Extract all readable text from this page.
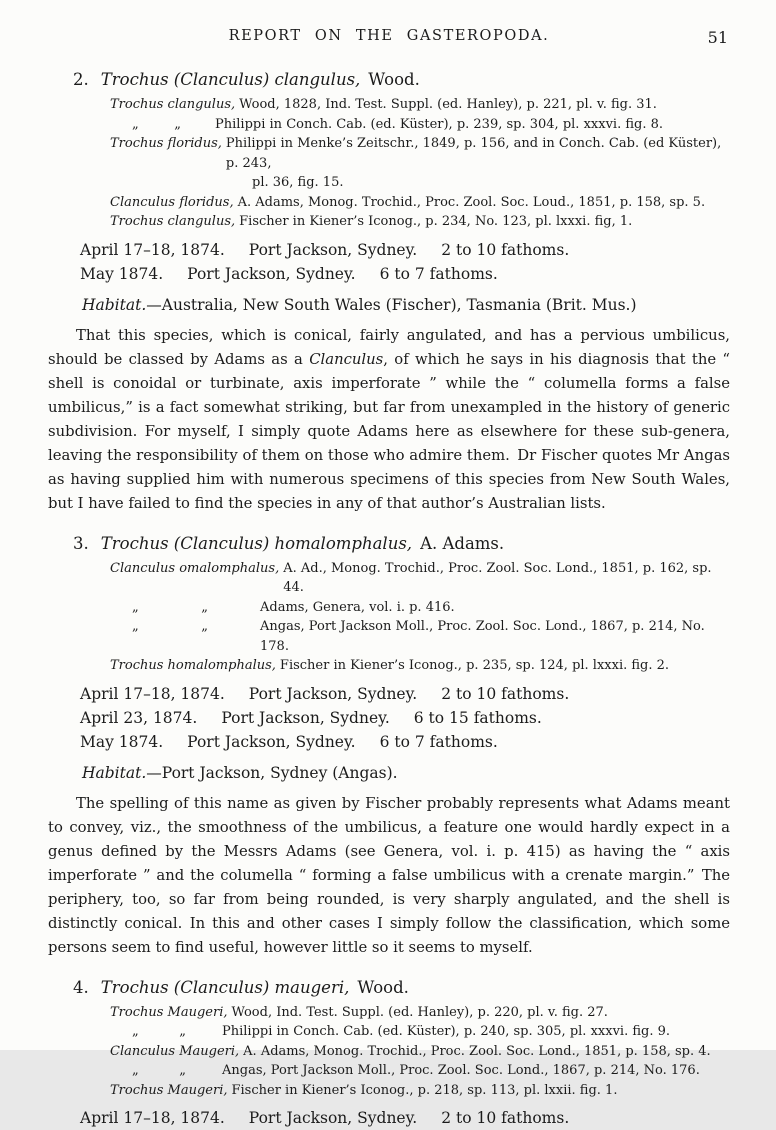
REPORT ON THE GASTEROPODA.	51
2. Trochus (Clanculus) clangulus, Wood.
Trochus clangulus, Wood, 1828, Ind. Test. Suppl. (ed. Hanley), p. 221, pl. v. fig. 31.
„	„	Philippi in Conch. Cab. (ed. Küster), p. 239, sp. 304, pl. xxxvi. fig. 8.
Trochus floridus, Philippi in Menke’s Zeitschr., 1849, p. 156, and in Conch. Cab. (ed Küster), p. 243,
pl. 36, fig. 15.
Clanculus floridus, A. Adams, Monog. Trochid., Proc. Zool. Soc. Loud., 1851, p. 158, sp. 5.
Trochus clangulus, Fischer in Kiener’s Iconog., p. 234, No. 123, pl. lxxxi. fig, 1.
April 17–18, 1874. Port Jackson, Sydney. 2 to 10 fathoms.
May 1874. Port Jackson, Sydney. 6 to 7 fathoms.
Habitat.—Australia, New South Wales (Fischer), Tasmania (Brit. Mus.)

That this species, which is conical, fairly angulated, and has a pervious umbilicus, should be classed by Adams as a Clanculus, of which he says in his diagnosis that the “ shell is conoidal or turbinate, axis imperforate ” while the “ columella forms a false umbilicus,” is a fact somewhat striking, but far from unexampled in the history of generic subdivision. For myself, I simply quote Adams here as elsewhere for these sub-genera, leaving the responsibility of them on those who admire them. Dr Fischer quotes Mr Angas as having supplied him with numerous specimens of this species from New South Wales, but I have failed to find the species in any of that author’s Australian lists.

3. Trochus (Clanculus) homalomphalus, A. Adams.
Clanculus omalomphalus, A. Ad., Monog. Trochid., Proc. Zool. Soc. Lond., 1851, p. 162, sp. 44.
„	„	Adams, Genera, vol. i. p. 416.
„	„	Angas, Port Jackson Moll., Proc. Zool. Soc. Lond., 1867, p. 214, No. 178.
Trochus homalomphalus, Fischer in Kiener’s Iconog., p. 235, sp. 124, pl. lxxxi. fig. 2.
April 17–18, 1874. Port Jackson, Sydney. 2 to 10 fathoms.
April 23, 1874. Port Jackson, Sydney. 6 to 15 fathoms.
May 1874. Port Jackson, Sydney. 6 to 7 fathoms.
Habitat.—Port Jackson, Sydney (Angas).

The spelling of this name as given by Fischer probably represents what Adams meant to convey, viz., the smoothness of the umbilicus, a feature one would hardly expect in a genus defined by the Messrs Adams (see Genera, vol. i. p. 415) as having the “ axis imperforate ” and the columella “ forming a false umbilicus with a crenate margin.” The periphery, too, so far from being rounded, is very sharply angulated, and the shell is distinctly conical. In this and other cases I simply follow the classification, which some persons seem to find useful, however little so it seems to myself.

4. Trochus (Clanculus) maugeri, Wood.
Trochus Maugeri, Wood, Ind. Test. Suppl. (ed. Hanley), p. 220, pl. v. fig. 27.
„	„	Philippi in Conch. Cab. (ed. Küster), p. 240, sp. 305, pl. xxxvi. fig. 9.
Clanculus Maugeri, A. Adams, Monog. Trochid., Proc. Zool. Soc. Lond., 1851, p. 158, sp. 4.
„	„	Angas, Port Jackson Moll., Proc. Zool. Soc. Lond., 1867, p. 214, No. 176.
Trochus Maugeri, Fischer in Kiener’s Iconog., p. 218, sp. 113, pl. lxxii. fig. 1.
April 17–18, 1874. Port Jackson, Sydney. 2 to 10 fathoms.
